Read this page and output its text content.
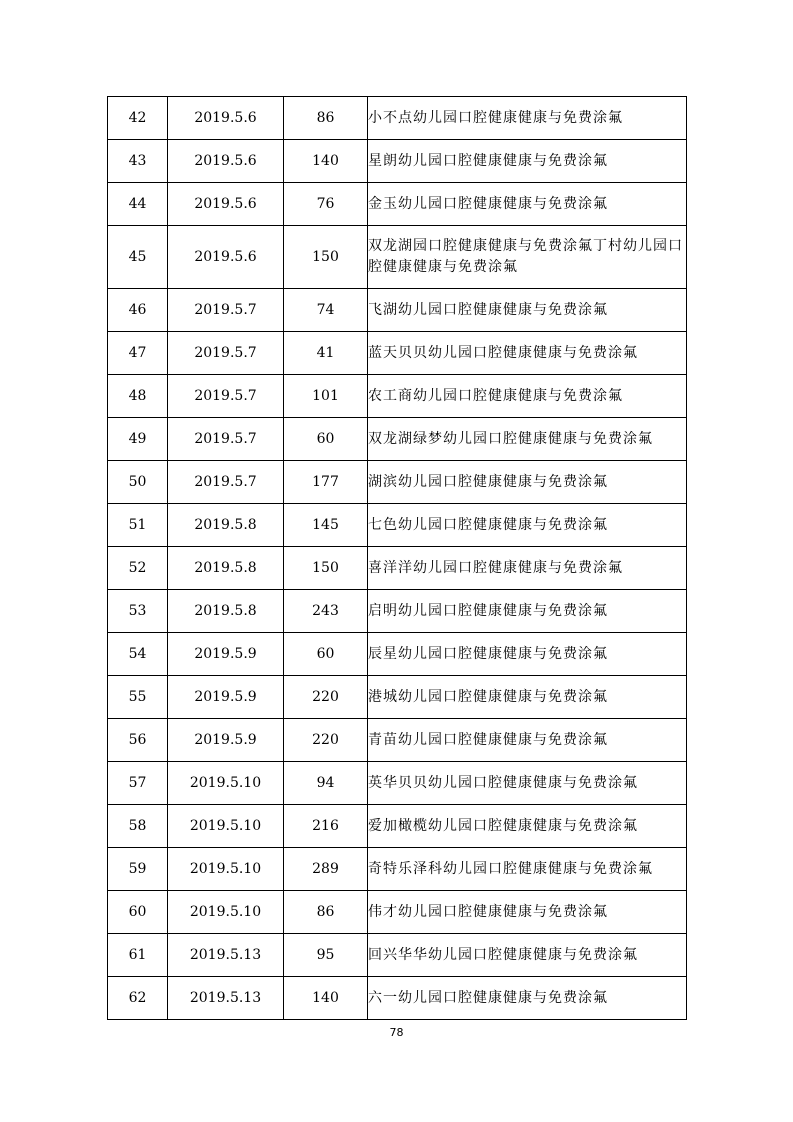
42	2019.5.6	86	小不点幼儿园口腔健康健康与免费涂氟
43	2019.5.6	140	星朗幼儿园口腔健康健康与免费涂氟
44	2019.5.6	76	金玉幼儿园口腔健康健康与免费涂氟
45	2019.5.6	150	双龙湖园口腔健康健康与免费涂氟丁村幼儿园口腔健康健康与免费涂氟
46	2019.5.7	74	飞湖幼儿园口腔健康健康与免费涂氟
47	2019.5.7	41	蓝天贝贝幼儿园口腔健康健康与免费涂氟
48	2019.5.7	101	农工商幼儿园口腔健康健康与免费涂氟
49	2019.5.7	60	双龙湖绿梦幼儿园口腔健康健康与免费涂氟
50	2019.5.7	177	湖滨幼儿园口腔健康健康与免费涂氟
51	2019.5.8	145	七色幼儿园口腔健康健康与免费涂氟
52	2019.5.8	150	喜洋洋幼儿园口腔健康健康与免费涂氟
53	2019.5.8	243	启明幼儿园口腔健康健康与免费涂氟
54	2019.5.9	60	辰星幼儿园口腔健康健康与免费涂氟
55	2019.5.9	220	港城幼儿园口腔健康健康与免费涂氟
56	2019.5.9	220	青苗幼儿园口腔健康健康与免费涂氟
57	2019.5.10	94	英华贝贝幼儿园口腔健康健康与免费涂氟
58	2019.5.10	216	爱加橄榄幼儿园口腔健康健康与免费涂氟
59	2019.5.10	289	奇特乐泽科幼儿园口腔健康健康与免费涂氟
60	2019.5.10	86	伟才幼儿园口腔健康健康与免费涂氟
61	2019.5.13	95	回兴华华幼儿园口腔健康健康与免费涂氟
62	2019.5.13	140	六一幼儿园口腔健康健康与免费涂氟
78
